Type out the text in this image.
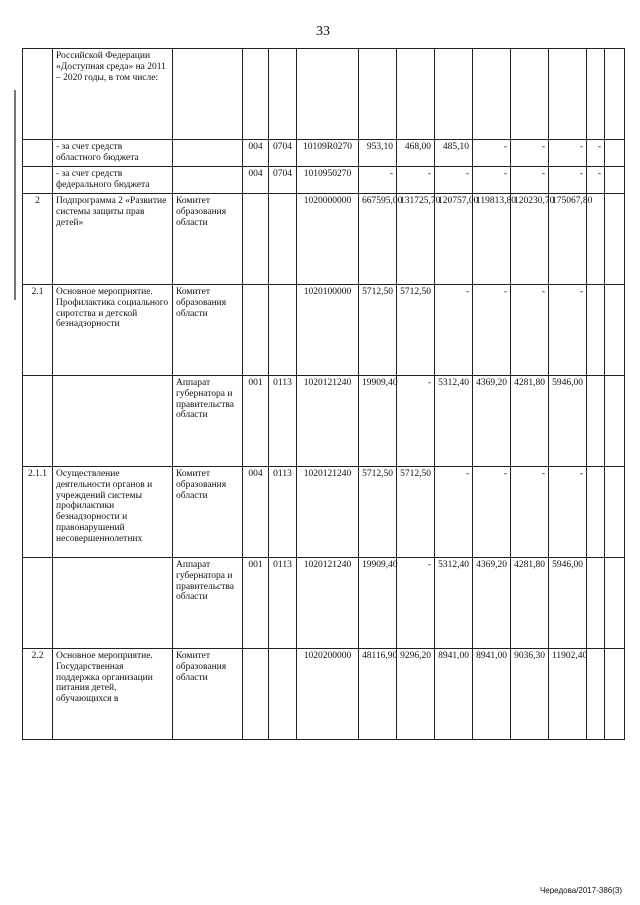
33
	Российской Федерации «Доступная среда» на 2011 – 2020 годы, в том числе:												
	- за счет средств областного бюджета		004	0704	10109R0270	953,10	468,00	485,10	-	-	-	-	
	- за счет средств федерального бюджета		004	0704	1010950270	-	-	-	-	-	-	-	
2	Подпрограмма 2 «Развитие системы защиты прав детей»	Комитет образования области			1020000000	667595,00	131725,70	120757,00	119813,80	120230,70	175067,80		
2.1	Основное мероприятие. Профилактика социального сиротства и детской безнадзорности	Комитет образования области			1020100000	5712,50	5712,50	-	-	-	-		
		Аппарат губернатора и правительства области	001	0113	1020121240	19909,40	-	5312,40	4369,20	4281,80	5946,00		
2.1.1	Осуществление деятельности органов и учреждений системы профилактики безнадзорности и правонарушений несовершеннолетних	Комитет образования области	004	0113	1020121240	5712,50	5712,50	-	-	-	-		
		Аппарат губернатора и правительства области	001	0113	1020121240	19909,40	-	5312,40	4369,20	4281,80	5946,00		
2.2	Основное мероприятие. Государственная поддержка организации питания детей, обучающихся в	Комитет образования области			1020200000	48116,90	9296,20	8941,00	8941,00	9036,30	11902,40		
Чередова/2017-386(3)
